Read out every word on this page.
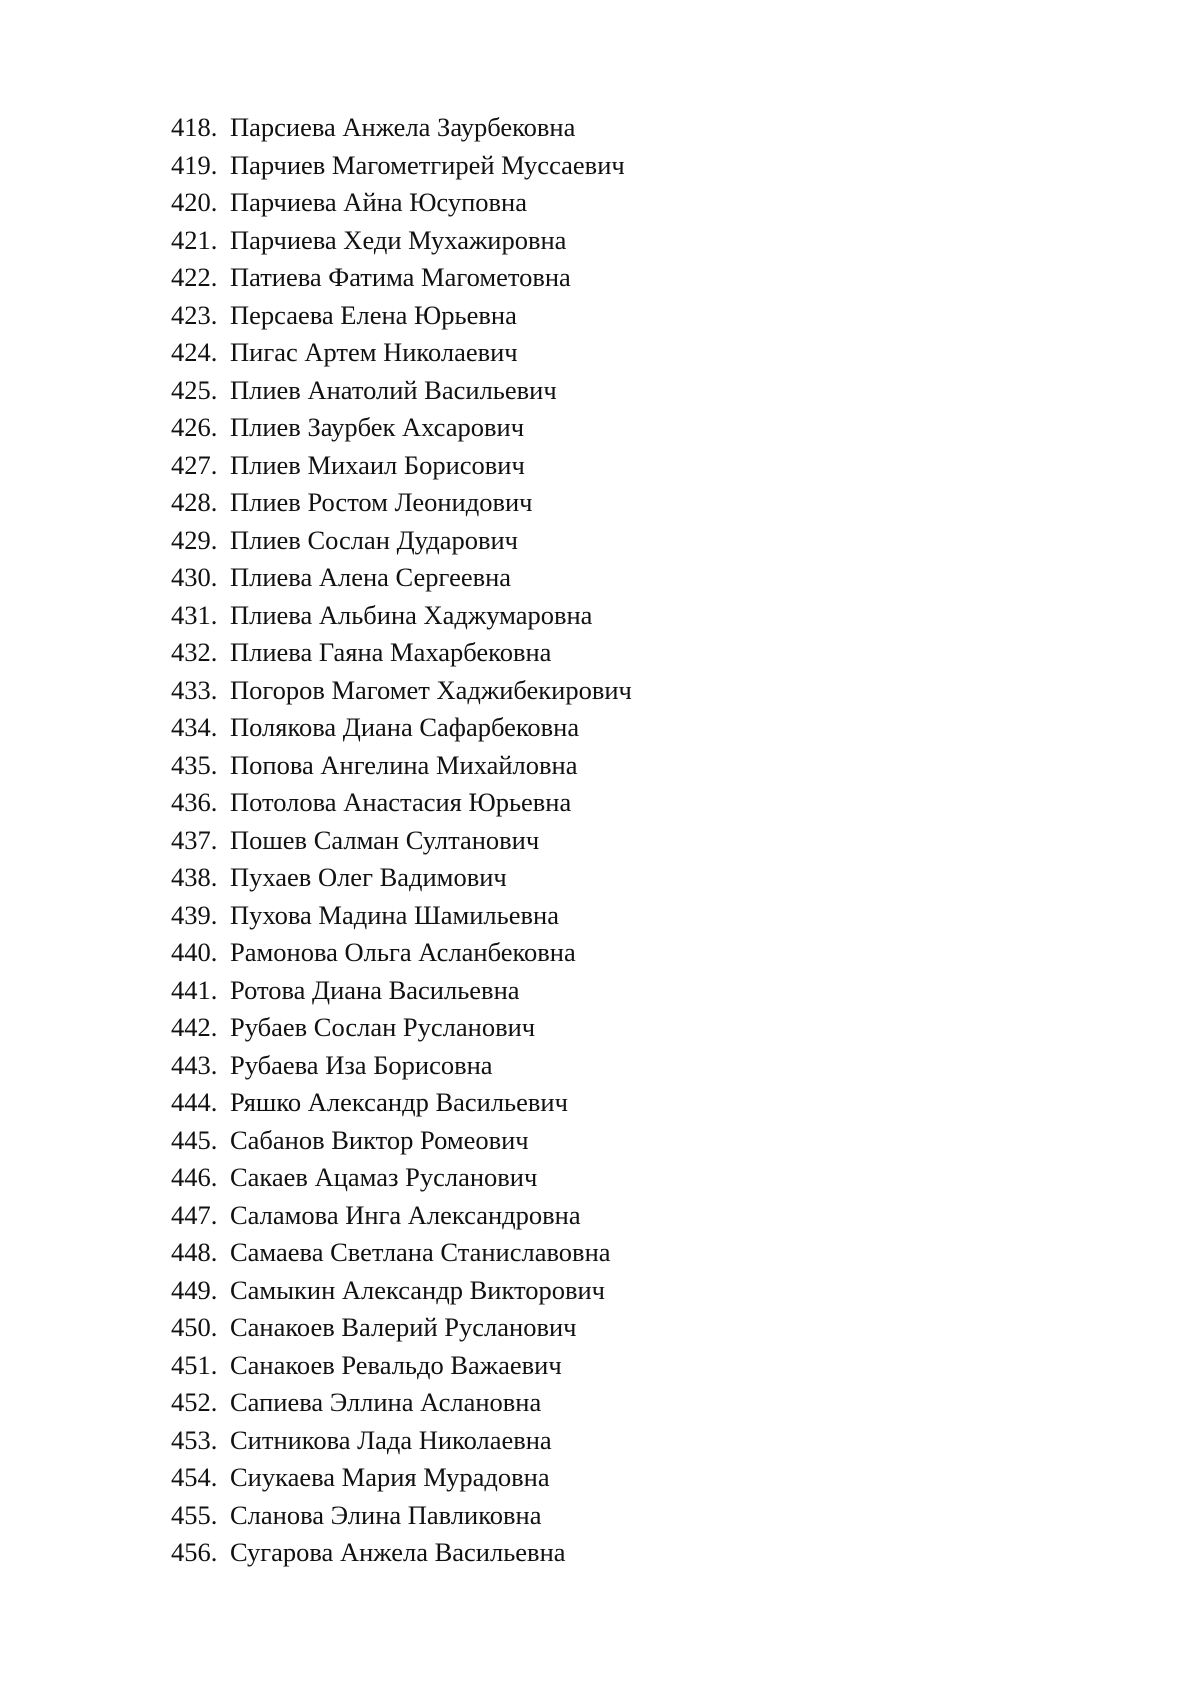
418. Парсиева Анжела Заурбековна
419. Парчиев Магометгирей Муссаевич
420. Парчиева Айна Юсуповна
421. Парчиева Хеди Мухажировна
422. Патиева Фатима Магометовна
423. Персаева Елена Юрьевна
424. Пигас Артем Николаевич
425. Плиев Анатолий Васильевич
426. Плиев Заурбек Ахсарович
427. Плиев Михаил Борисович
428. Плиев Ростом Леонидович
429. Плиев Сослан Дударович
430. Плиева Алена Сергеевна
431. Плиева Альбина Хаджумаровна
432. Плиева Гаяна Махарбековна
433. Погоров Магомет Хаджибекирович
434. Полякова Диана Сафарбековна
435. Попова Ангелина Михайловна
436. Потолова Анастасия Юрьевна
437. Пошев Салман Султанович
438. Пухаев Олег Вадимович
439. Пухова Мадина Шамильевна
440. Рамонова Ольга Асланбековна
441. Ротова Диана Васильевна
442. Рубаев Сослан Русланович
443. Рубаева Иза Борисовна
444. Ряшко Александр Васильевич
445. Сабанов Виктор Ромеович
446. Сакаев Ацамаз Русланович
447. Саламова Инга Александровна
448. Самаева Светлана Станиславовна
449. Самыкин Александр Викторович
450. Санакоев Валерий Русланович
451. Санакоев Ревальдо Важаевич
452. Сапиева Эллина Аслановна
453. Ситникова Лада Николаевна
454. Сиукаева Мария Мурадовна
455. Сланова Элина Павликовна
456. Сугарова Анжела Васильевна
